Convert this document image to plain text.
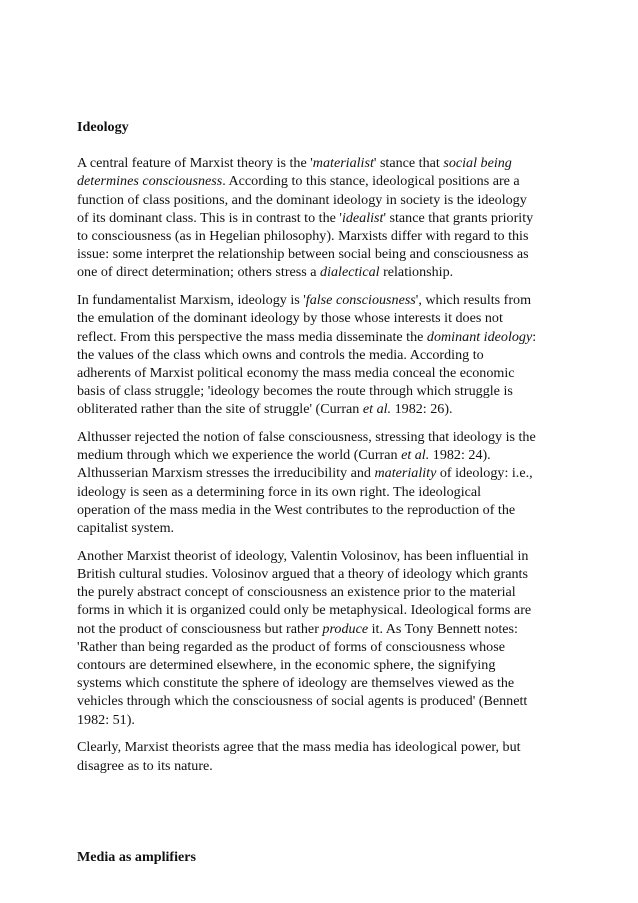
Ideology

A central feature of Marxist theory is the 'materialist' stance that social being determines consciousness. According to this stance, ideological positions are a function of class positions, and the dominant ideology in society is the ideology of its dominant class. This is in contrast to the 'idealist' stance that grants priority to consciousness (as in Hegelian philosophy). Marxists differ with regard to this issue: some interpret the relationship between social being and consciousness as one of direct determination; others stress a dialectical relationship.

In fundamentalist Marxism, ideology is 'false consciousness', which results from the emulation of the dominant ideology by those whose interests it does not reflect. From this perspective the mass media disseminate the dominant ideology: the values of the class which owns and controls the media. According to adherents of Marxist political economy the mass media conceal the economic basis of class struggle; 'ideology becomes the route through which struggle is obliterated rather than the site of struggle' (Curran et al. 1982: 26).

Althusser rejected the notion of false consciousness, stressing that ideology is the medium through which we experience the world (Curran et al. 1982: 24). Althusserian Marxism stresses the irreducibility and materiality of ideology: i.e., ideology is seen as a determining force in its own right. The ideological operation of the mass media in the West contributes to the reproduction of the capitalist system.

Another Marxist theorist of ideology, Valentin Volosinov, has been influential in British cultural studies. Volosinov argued that a theory of ideology which grants the purely abstract concept of consciousness an existence prior to the material forms in which it is organized could only be metaphysical. Ideological forms are not the product of consciousness but rather produce it. As Tony Bennett notes: 'Rather than being regarded as the product of forms of consciousness whose contours are determined elsewhere, in the economic sphere, the signifying systems which constitute the sphere of ideology are themselves viewed as the vehicles through which the consciousness of social agents is produced' (Bennett 1982: 51).

Clearly, Marxist theorists agree that the mass media has ideological power, but disagree as to its nature.

Media as amplifiers
